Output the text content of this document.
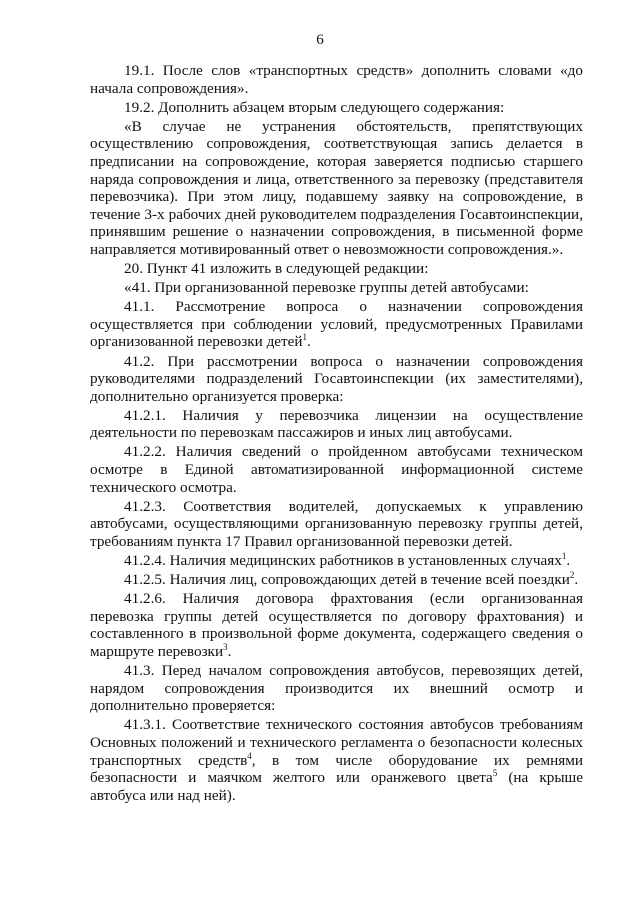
6

19.1. После слов «транспортных средств» дополнить словами «до начала сопровождения».

19.2. Дополнить абзацем вторым следующего содержания:

«В случае не устранения обстоятельств, препятствующих осуществлению сопровождения, соответствующая запись делается в предписании на сопровождение, которая заверяется подписью старшего наряда сопровождения и лица, ответственного за перевозку (представителя перевозчика). При этом лицу, подавшему заявку на сопровождение, в течение 3-х рабочих дней руководителем подразделения Госавтоинспекции, принявшим решение о назначении сопровождения, в письменной форме направляется мотивированный ответ о невозможности сопровождения.».

20. Пункт 41 изложить в следующей редакции:

«41. При организованной перевозке группы детей автобусами:

41.1. Рассмотрение вопроса о назначении сопровождения осуществляется при соблюдении условий, предусмотренных Правилами организованной перевозки детей$^1$.

41.2. При рассмотрении вопроса о назначении сопровождения руководителями подразделений Госавтоинспекции (их заместителями), дополнительно организуется проверка:

41.2.1. Наличия у перевозчика лицензии на осуществление деятельности по перевозкам пассажиров и иных лиц автобусами.

41.2.2. Наличия сведений о пройденном автобусами техническом осмотре в Единой автоматизированной информационной системе технического осмотра.

41.2.3. Соответствия водителей, допускаемых к управлению автобусами, осуществляющими организованную перевозку группы детей, требованиям пункта 17 Правил организованной перевозки детей.

41.2.4. Наличия медицинских работников в установленных случаях$^1$.

41.2.5. Наличия лиц, сопровождающих детей в течение всей поездки$^2$.

41.2.6. Наличия договора фрахтования (если организованная перевозка группы детей осуществляется по договору фрахтования) и составленного в произвольной форме документа, содержащего сведения о маршруте перевозки$^3$.

41.3. Перед началом сопровождения автобусов, перевозящих детей, нарядом сопровождения производится их внешний осмотр и дополнительно проверяется:

41.3.1. Соответствие технического состояния автобусов требованиям Основных положений и технического регламента о безопасности колесных транспортных средств$^4$, в том числе оборудование их ремнями безопасности и маячком желтого или оранжевого цвета$^5$ (на крыше автобуса или над ней).
